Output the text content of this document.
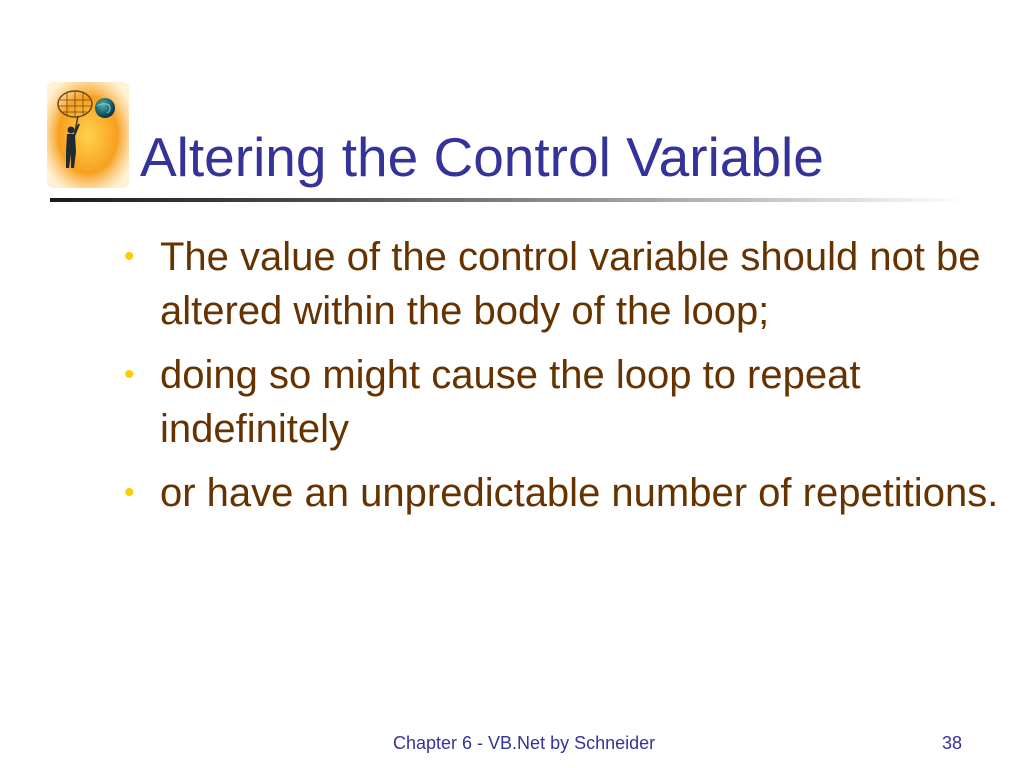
Altering the Control Variable
• The value of the control variable should not be altered within the body of the loop;
• doing so might cause the loop to repeat indefinitely
• or have an unpredictable number of repetitions.
Chapter 6 - VB.Net by Schneider	38
